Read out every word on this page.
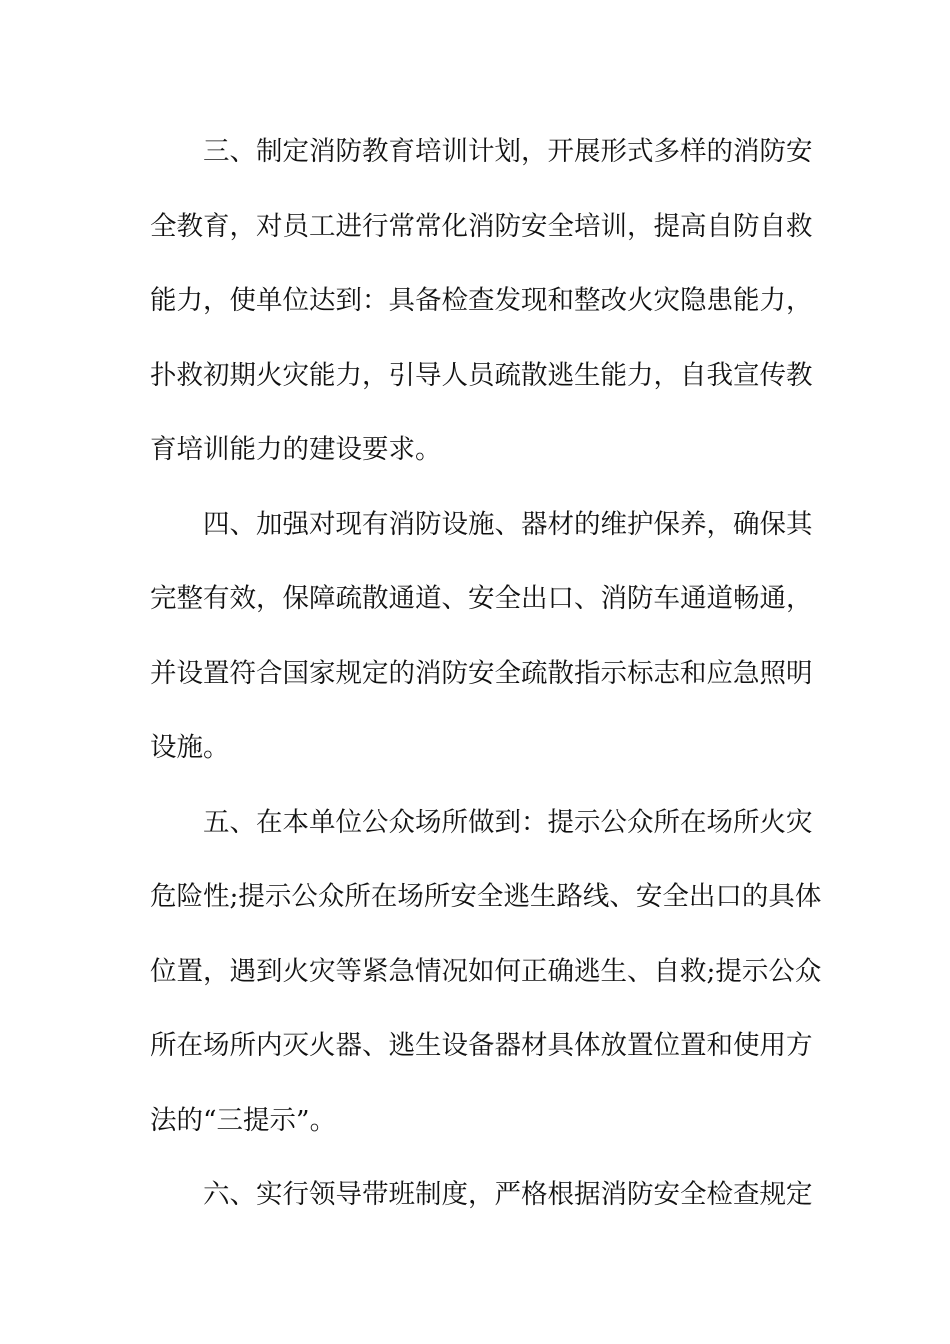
三、制定消防教育培训计划，开展形式多样的消防安
全教育，对员工进行常常化消防安全培训，提高自防自救
能力，使单位达到：具备检查发现和整改火灾隐患能力，
扑救初期火灾能力，引导人员疏散逃生能力，自我宣传教
育培训能力的建设要求。
四、加强对现有消防设施、器材的维护保养，确保其
完整有效，保障疏散通道、安全出口、消防车通道畅通，
并设置符合国家规定的消防安全疏散指示标志和应急照明
设施。
五、在本单位公众场所做到：提示公众所在场所火灾
危险性;提示公众所在场所安全逃生路线、安全出口的具体
位置，遇到火灾等紧急情况如何正确逃生、自救;提示公众
所在场所内灭火器、逃生设备器材具体放置位置和使用方
法的“三提示”。
六、实行领导带班制度，严格根据消防安全检查规定
